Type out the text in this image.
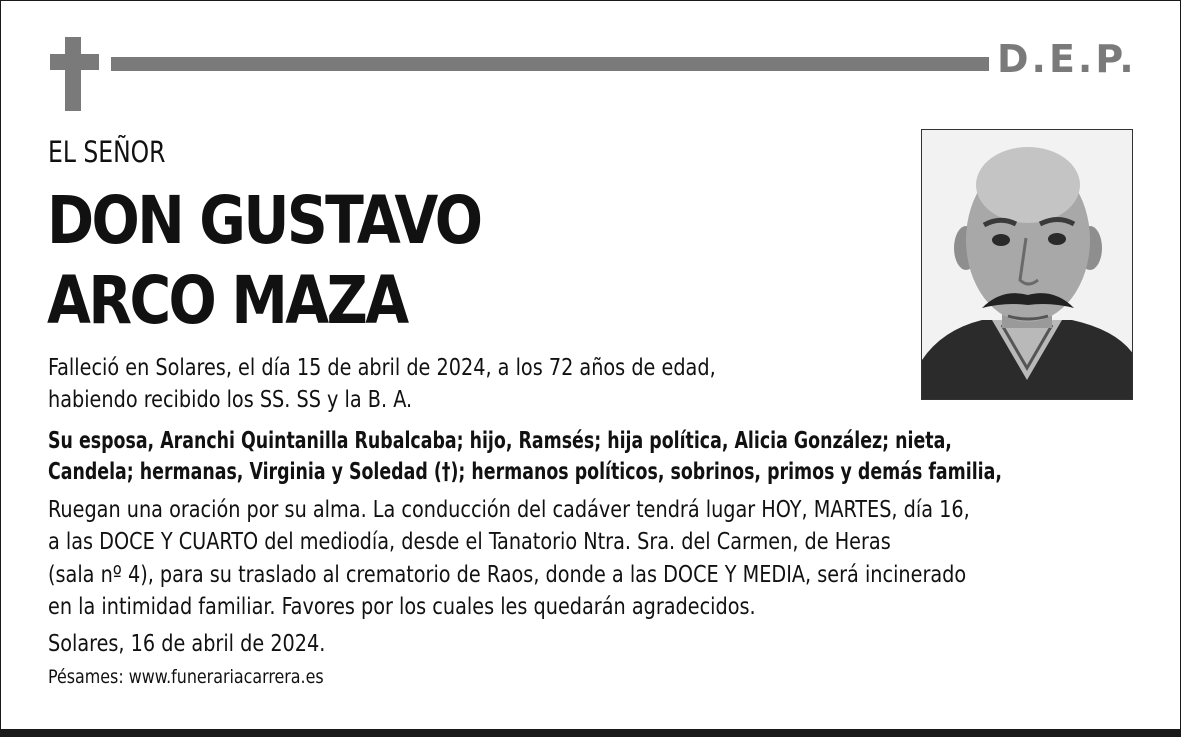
D.E.P.
EL SEÑOR
DON GUSTAVO
ARCO MAZA
Falleció en Solares, el día 15 de abril de 2024, a los 72 años de edad,
habiendo recibido los SS. SS y la B. A.
Su esposa, Aranchi Quintanilla Rubalcaba; hijo, Ramsés; hija política, Alicia González; nieta,
Candela; hermanas, Virginia y Soledad (†); hermanos políticos, sobrinos, primos y demás familia,
Ruegan una oración por su alma. La conducción del cadáver tendrá lugar HOY, MARTES, día 16,
a las DOCE Y CUARTO del mediodía, desde el Tanatorio Ntra. Sra. del Carmen, de Heras
(sala nº 4), para su traslado al crematorio de Raos, donde a las DOCE Y MEDIA, será incinerado
en la intimidad familiar. Favores por los cuales les quedarán agradecidos.
Solares, 16 de abril de 2024.
Pésames: www.funerariacarrera.es
